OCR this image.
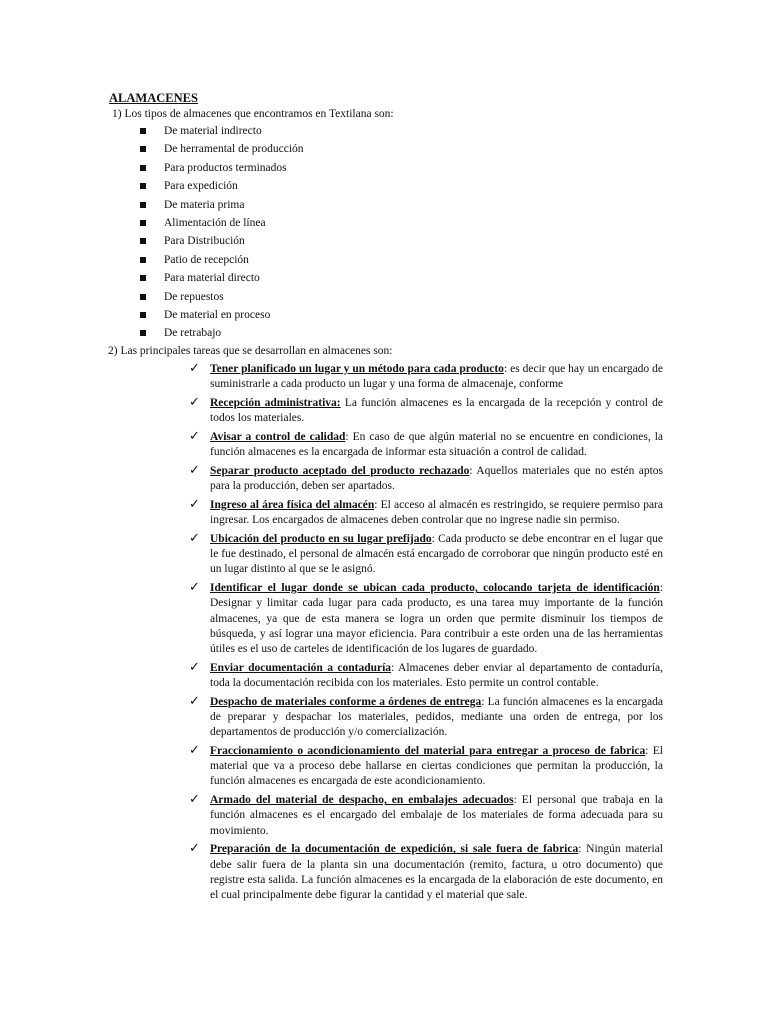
ALAMACENES
1) Los tipos de almacenes que encontramos en Textilana son:
De material indirecto
De herramental de producción
Para productos terminados
Para expedición
De materia prima
Alimentación de línea
Para Distribución
Patio de recepción
Para material directo
De repuestos
De material en proceso
De retrabajo
2) Las principales tareas que se desarrollan en almacenes son:
✓ Tener planificado un lugar y un método para cada producto: es decir que hay un encargado de suministrarle a cada producto un lugar y una forma de almacenaje, conforme
✓ Recepción administrativa: La función almacenes es la encargada de la recepción y control de todos los materiales.
✓ Avisar a control de calidad: En caso de que algún material no se encuentre en condiciones, la función almacenes es la encargada de informar esta situación a control de calidad.
✓ Separar producto aceptado del producto rechazado: Aquellos materiales que no estén aptos para la producción, deben ser apartados.
✓ Ingreso al área física del almacén: El acceso al almacén es restringido, se requiere permiso para ingresar. Los encargados de almacenes deben controlar que no ingrese nadie sin permiso.
✓ Ubicación del producto en su lugar prefijado: Cada producto se debe encontrar en el lugar que le fue destinado, el personal de almacén está encargado de corroborar que ningún producto esté en un lugar distinto al que se le asignó.
✓ Identificar el lugar donde se ubican cada producto, colocando tarjeta de identificación: Designar y limitar cada lugar para cada producto, es una tarea muy importante de la función almacenes, ya que de esta manera se logra un orden que permite disminuir los tiempos de búsqueda, y así lograr una mayor eficiencia. Para contribuir a este orden una de las herramientas útiles es el uso de carteles de identificación de los lugares de guardado.
✓ Enviar documentación a contaduría: Almacenes deber enviar al departamento de contaduría, toda la documentación recibida con los materiales. Esto permite un control contable.
✓ Despacho de materiales conforme a órdenes de entrega: La función almacenes es la encargada de preparar y despachar los materiales, pedidos, mediante una orden de entrega, por los departamentos de producción y/o comercialización.
✓ Fraccionamiento o acondicionamiento del material para entregar a proceso de fabrica: El material que va a proceso debe hallarse en ciertas condiciones que permitan la producción, la función almacenes es encargada de este acondicionamiento.
✓ Armado del material de despacho, en embalajes adecuados: El personal que trabaja en la función almacenes es el encargado del embalaje de los materiales de forma adecuada para su movimiento.
✓ Preparación de la documentación de expedición, si sale fuera de fabrica: Ningún material debe salir fuera de la planta sin una documentación (remito, factura, u otro documento) que registre esta salida. La función almacenes es la encargada de la elaboración de este documento, en el cual principalmente debe figurar la cantidad y el material que sale.
